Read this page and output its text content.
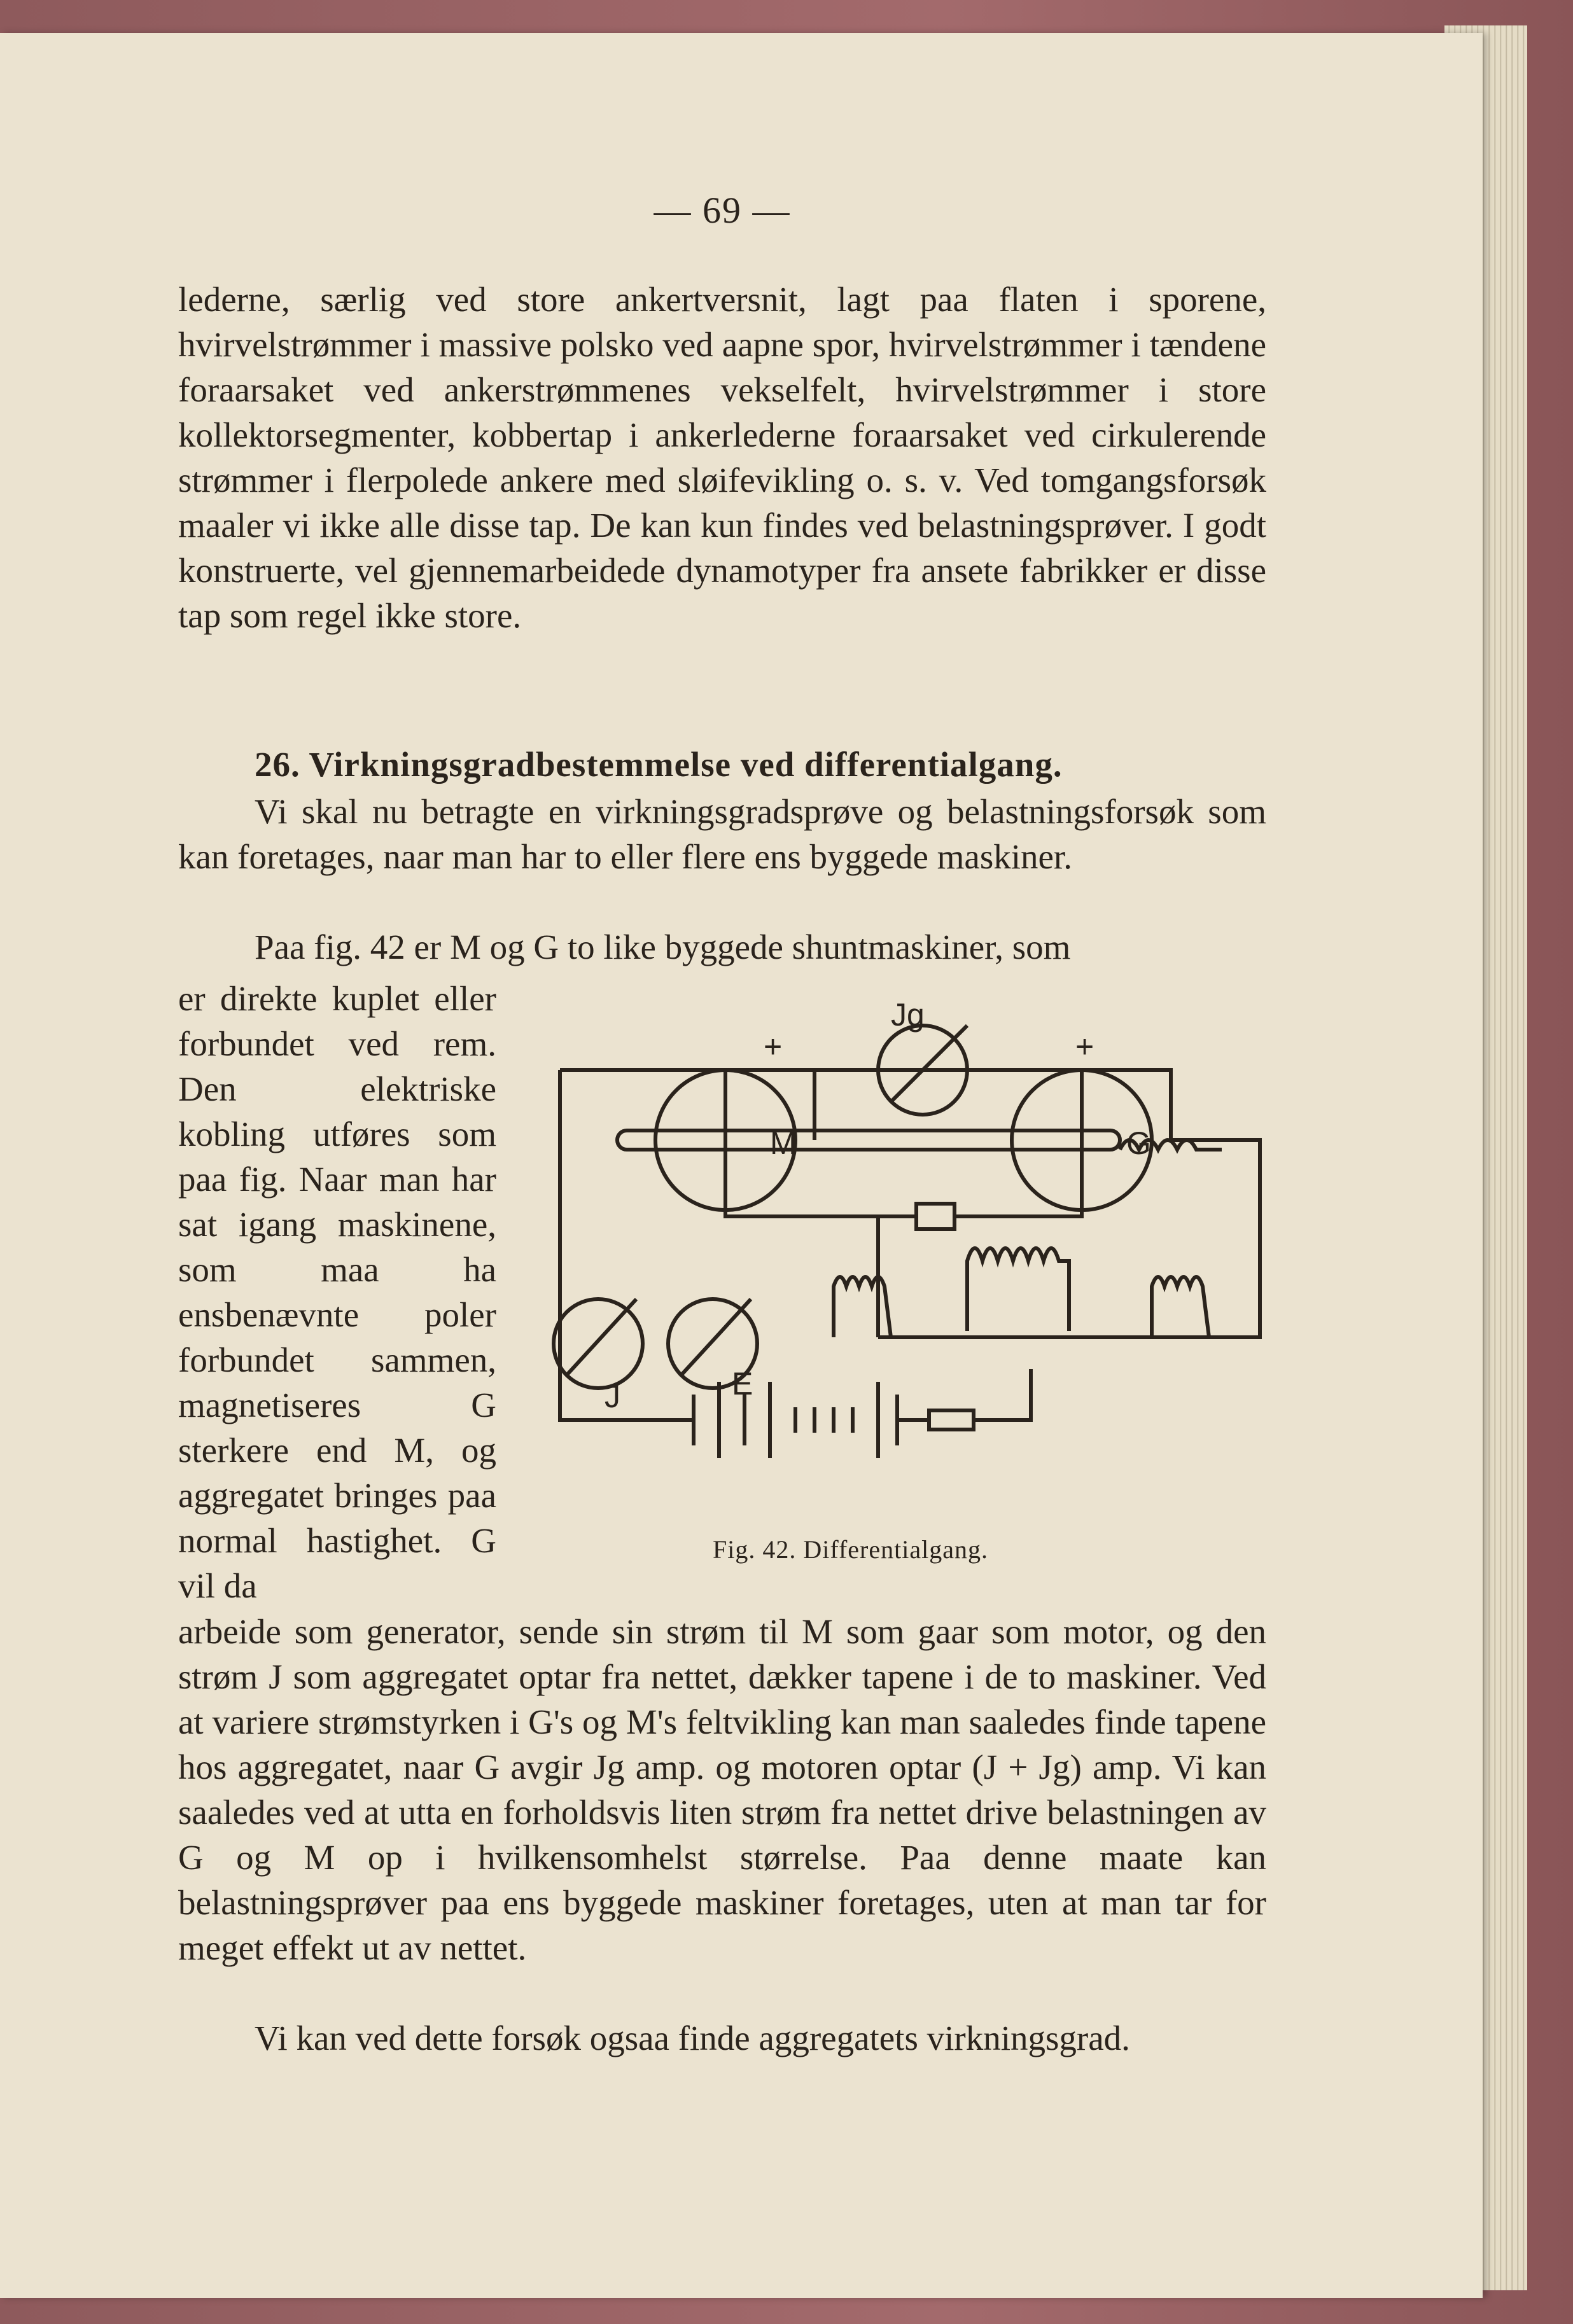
— 69 —

lederne, særlig ved store ankertversnit, lagt paa flaten i sporene, hvirvelstrømmer i massive polsko ved aapne spor, hvirvelstrømmer i tændene foraarsaket ved ankerstrømmenes vekselfelt, hvirvelstrømmer i store kollektorsegmenter, kobbertap i ankerlederne foraarsaket ved cirkulerende strømmer i flerpolede ankere med sløifevikling o. s. v. Ved tomgangsforsøk maaler vi ikke alle disse tap. De kan kun findes ved belastningsprøver. I godt konstruerte, vel gjennemarbeidede dynamotyper fra ansete fabrikker er disse tap som regel ikke store.

26. Virkningsgradbestemmelse ved differentialgang.

Vi skal nu betragte en virkningsgradsprøve og belastningsforsøk som kan foretages, naar man har to eller flere ens byggede maskiner.

Paa fig. 42 er M og G to like byggede shuntmaskiner, som

er direkte kuplet eller forbundet ved rem. Den elektriske kobling utføres som paa fig. Naar man har sat igang maskinene, som maa ha ensbenævnte poler forbundet sammen, magnetiseres G sterkere end M, og aggregatet bringes paa normal hastighet. G vil da
Jg
+	+
M	G
J	E
Fig. 42. Differentialgang.

arbeide som generator, sende sin strøm til M som gaar som motor, og den strøm J som aggregatet optar fra nettet, dækker tapene i de to maskiner. Ved at variere strømstyrken i G's og M's feltvikling kan man saaledes finde tapene hos aggregatet, naar G avgir Jg amp. og motoren optar (J + Jg) amp. Vi kan saaledes ved at utta en forholdsvis liten strøm fra nettet drive belastningen av G og M op i hvilkensomhelst størrelse. Paa denne maate kan belastningsprøver paa ens byggede maskiner foretages, uten at man tar for meget effekt ut av nettet.

Vi kan ved dette forsøk ogsaa finde aggregatets virkningsgrad.
